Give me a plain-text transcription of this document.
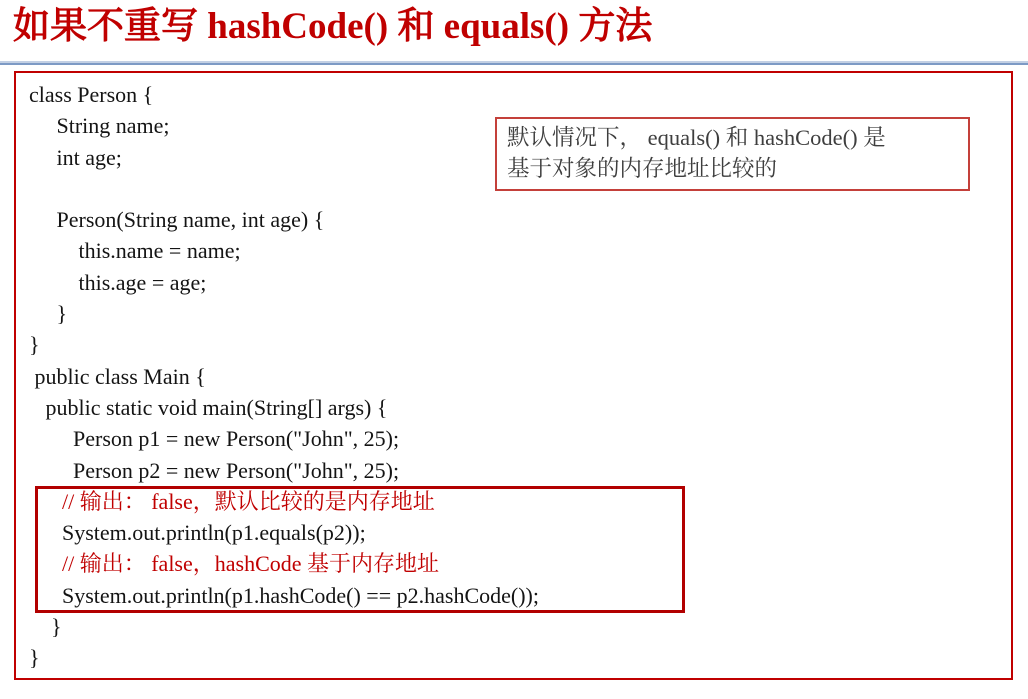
如果不重写 hashCode() 和 equals() 方法
class Person {
String name;
int age;

Person(String name, int age) {
this.name = name;
this.age = age;
}
}
public class Main {
public static void main(String[] args) {
Person p1 = new Person("John", 25);
Person p2 = new Person("John", 25);
// 输出： false，默认比较的是内存地址
System.out.println(p1.equals(p2));
// 输出： false，hashCode 基于内存地址
System.out.println(p1.hashCode() == p2.hashCode());
}
}
默认情况下， equals() 和 hashCode() 是
基于对象的内存地址比较的
